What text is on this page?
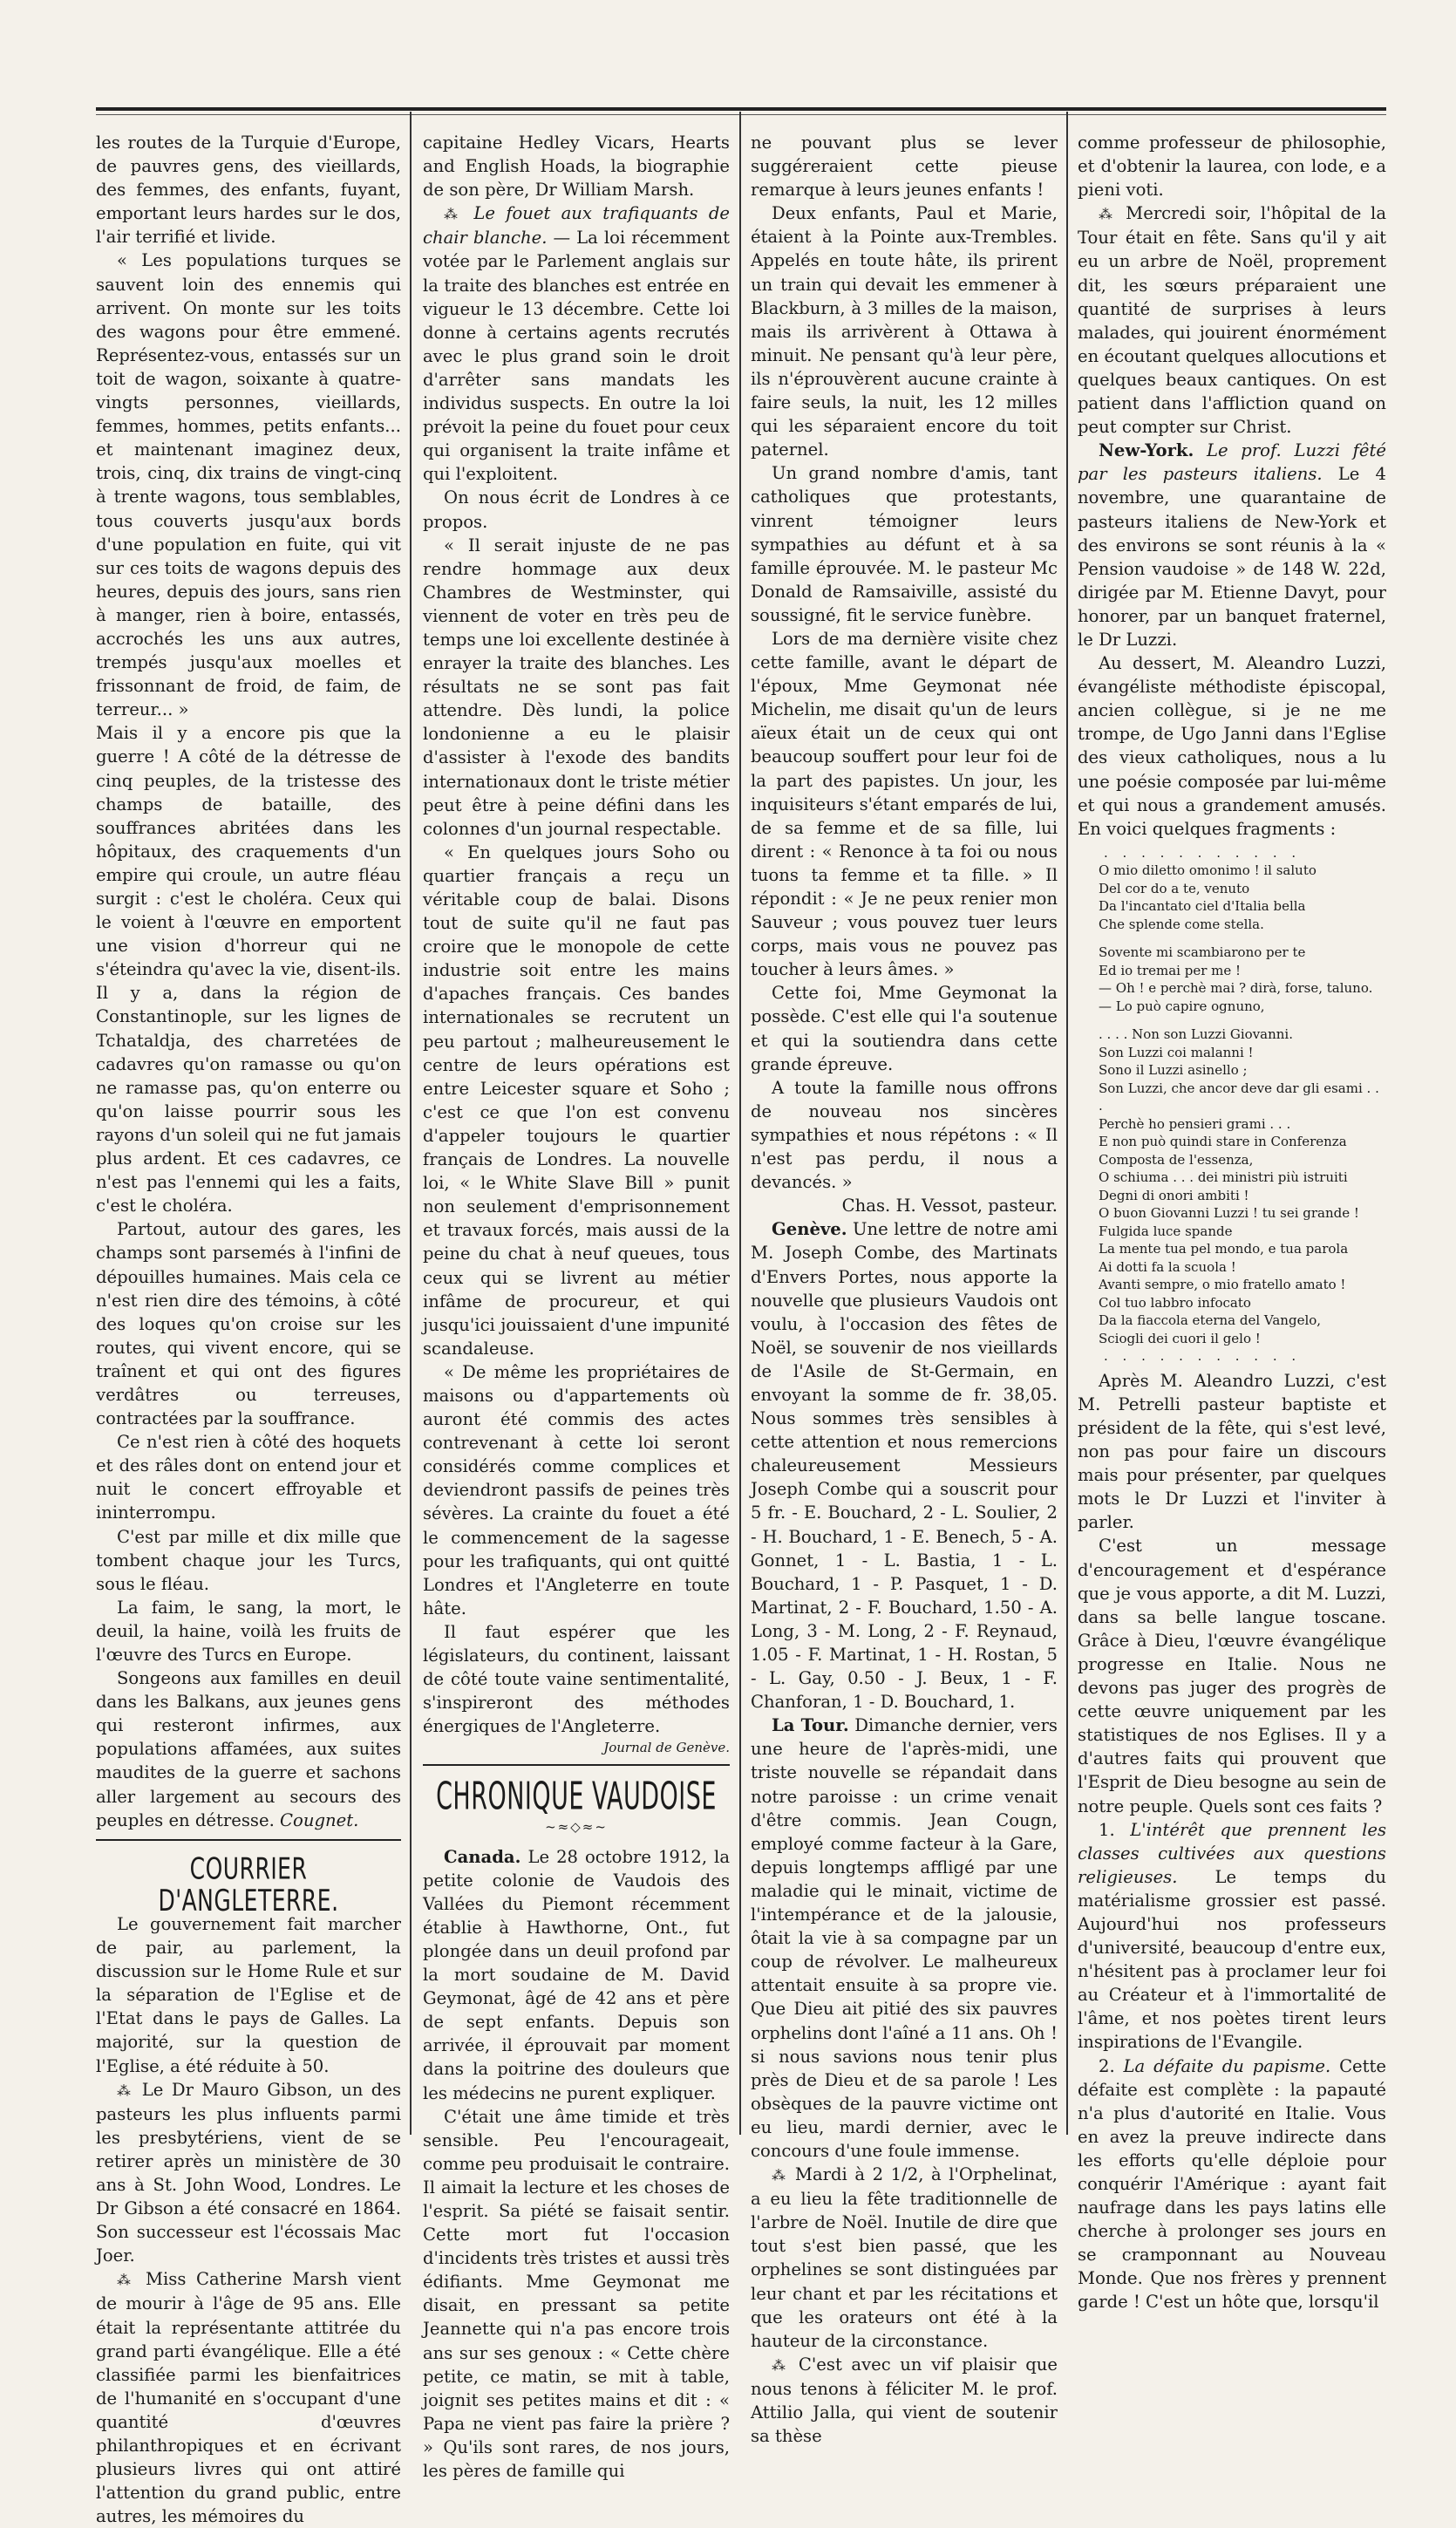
les routes de la Turquie d'Europe, de pauvres gens, des vieillards, des femmes, des enfants, fuyant, emportant leurs hardes sur le dos, l'air terrifié et livide.

« Les populations turques se sauvent loin des ennemis qui arrivent. On monte sur les toits des wagons pour être emmené. Représentez-vous, entassés sur un toit de wagon, soixante à quatre-vingts personnes, vieillards, femmes, hommes, petits enfants... et maintenant imaginez deux, trois, cinq, dix trains de vingt-cinq à trente wagons, tous semblables, tous couverts jusqu'aux bords d'une population en fuite, qui vit sur ces toits de wagons depuis des heures, depuis des jours, sans rien à manger, rien à boire, entassés, accrochés les uns aux autres, trempés jusqu'aux moelles et frissonnant de froid, de faim, de terreur... »

Mais il y a encore pis que la guerre ! A côté de la détresse de cinq peuples, de la tristesse des champs de bataille, des souffrances abritées dans les hôpitaux, des craquements d'un empire qui croule, un autre fléau surgit : c'est le choléra. Ceux qui le voient à l'œuvre en emportent une vision d'horreur qui ne s'éteindra qu'avec la vie, disent-ils. Il y a, dans la région de Constantinople, sur les lignes de Tchataldja, des charretées de cadavres qu'on ramasse ou qu'on ne ramasse pas, qu'on enterre ou qu'on laisse pourrir sous les rayons d'un soleil qui ne fut jamais plus ardent. Et ces cadavres, ce n'est pas l'ennemi qui les a faits, c'est le choléra.

Partout, autour des gares, les champs sont parsemés à l'infini de dépouilles humaines. Mais cela ce n'est rien dire des témoins, à côté des loques qu'on croise sur les routes, qui vivent encore, qui se traînent et qui ont des figures verdâtres ou terreuses, contractées par la souffrance.

Ce n'est rien à côté des hoquets et des râles dont on entend jour et nuit le concert effroyable et ininterrompu.

C'est par mille et dix mille que tombent chaque jour les Turcs, sous le fléau.

La faim, le sang, la mort, le deuil, la haine, voilà les fruits de l'œuvre des Turcs en Europe.

Songeons aux familles en deuil dans les Balkans, aux jeunes gens qui resteront infirmes, aux populations affamées, aux suites maudites de la guerre et sachons aller largement au secours des peuples en détresse. Cougnet.

COURRIER D'ANGLETERRE.

Le gouvernement fait marcher de pair, au parlement, la discussion sur le Home Rule et sur la séparation de l'Eglise et de l'Etat dans le pays de Galles. La majorité, sur la question de l'Eglise, a été réduite à 50.

⁂ Le Dr Mauro Gibson, un des pasteurs les plus influents parmi les presbytériens, vient de se retirer après un ministère de 30 ans à St. John Wood, Londres. Le Dr Gibson a été consacré en 1864. Son successeur est l'écossais Mac Joer.

⁂ Miss Catherine Marsh vient de mourir à l'âge de 95 ans. Elle était la représentante attitrée du grand parti évangélique. Elle a été classifiée parmi les bienfaitrices de l'humanité en s'occupant d'une quantité d'œuvres philanthropiques et en écrivant plusieurs livres qui ont attiré l'attention du grand public, entre autres, les mémoires du

capitaine Hedley Vicars, Hearts and English Hoads, la biographie de son père, Dr William Marsh.

⁂ Le fouet aux trafiquants de chair blanche. — La loi récemment votée par le Parlement anglais sur la traite des blanches est entrée en vigueur le 13 décembre. Cette loi donne à certains agents recrutés avec le plus grand soin le droit d'arrêter sans mandats les individus suspects. En outre la loi prévoit la peine du fouet pour ceux qui organisent la traite infâme et qui l'exploitent.

On nous écrit de Londres à ce propos.

« Il serait injuste de ne pas rendre hommage aux deux Chambres de Westminster, qui viennent de voter en très peu de temps une loi excellente destinée à enrayer la traite des blanches. Les résultats ne se sont pas fait attendre. Dès lundi, la police londonienne a eu le plaisir d'assister à l'exode des bandits internationaux dont le triste métier peut être à peine défini dans les colonnes d'un journal respectable.

« En quelques jours Soho ou quartier français a reçu un véritable coup de balai. Disons tout de suite qu'il ne faut pas croire que le monopole de cette industrie soit entre les mains d'apaches français. Ces bandes internationales se recrutent un peu partout ; malheureusement le centre de leurs opérations est entre Leicester square et Soho ; c'est ce que l'on est convenu d'appeler toujours le quartier français de Londres. La nouvelle loi, « le White Slave Bill » punit non seulement d'emprisonnement et travaux forcés, mais aussi de la peine du chat à neuf queues, tous ceux qui se livrent au métier infâme de procureur, et qui jusqu'ici jouissaient d'une impunité scandaleuse.

« De même les propriétaires de maisons ou d'appartements où auront été commis des actes contrevenant à cette loi seront considérés comme complices et deviendront passifs de peines très sévères. La crainte du fouet a été le commencement de la sagesse pour les trafiquants, qui ont quitté Londres et l'Angleterre en toute hâte.

Il faut espérer que les législateurs, du continent, laissant de côté toute vaine sentimentalité, s'inspireront des méthodes énergiques de l'Angleterre.

Journal de Genève.
CHRONIQUE VAUDOISE
~≈◇≈~

Canada. Le 28 octobre 1912, la petite colonie de Vaudois des Vallées du Piemont récemment établie à Hawthorne, Ont., fut plongée dans un deuil profond par la mort soudaine de M. David Geymonat, âgé de 42 ans et père de sept enfants. Depuis son arrivée, il éprouvait par moment dans la poitrine des douleurs que les médecins ne purent expliquer.

C'était une âme timide et très sensible. Peu l'encourageait, comme peu produisait le contraire. Il aimait la lecture et les choses de l'esprit. Sa piété se faisait sentir. Cette mort fut l'occasion d'incidents très tristes et aussi très édifiants. Mme Geymonat me disait, en pressant sa petite Jeannette qui n'a pas encore trois ans sur ses genoux : « Cette chère petite, ce matin, se mit à table, joignit ses petites mains et dit : « Papa ne vient pas faire la prière ? » Qu'ils sont rares, de nos jours, les pères de famille qui

ne pouvant plus se lever suggéreraient cette pieuse remarque à leurs jeunes enfants !

Deux enfants, Paul et Marie, étaient à la Pointe aux-Trembles. Appelés en toute hâte, ils prirent un train qui devait les emmener à Blackburn, à 3 milles de la maison, mais ils arrivèrent à Ottawa à minuit. Ne pensant qu'à leur père, ils n'éprouvèrent aucune crainte à faire seuls, la nuit, les 12 milles qui les séparaient encore du toit paternel.

Un grand nombre d'amis, tant catholiques que protestants, vinrent témoigner leurs sympathies au défunt et à sa famille éprouvée. M. le pasteur Mc Donald de Ramsaiville, assisté du soussigné, fit le service funèbre.

Lors de ma dernière visite chez cette famille, avant le départ de l'époux, Mme Geymonat née Michelin, me disait qu'un de leurs aïeux était un de ceux qui ont beaucoup souffert pour leur foi de la part des papistes. Un jour, les inquisiteurs s'étant emparés de lui, de sa femme et de sa fille, lui dirent : « Renonce à ta foi ou nous tuons ta femme et ta fille. » Il répondit : « Je ne peux renier mon Sauveur ; vous pouvez tuer leurs corps, mais vous ne pouvez pas toucher à leurs âmes. »

Cette foi, Mme Geymonat la possède. C'est elle qui l'a soutenue et qui la soutiendra dans cette grande épreuve.

A toute la famille nous offrons de nouveau nos sincères sympathies et nous répétons : « Il n'est pas perdu, il nous a devancés. »

Chas. H. Vessot, pasteur.

Genève. Une lettre de notre ami M. Joseph Combe, des Martinats d'Envers Portes, nous apporte la nouvelle que plusieurs Vaudois ont voulu, à l'occasion des fêtes de Noël, se souvenir de nos vieillards de l'Asile de St-Germain, en envoyant la somme de fr. 38,05. Nous sommes très sensibles à cette attention et nous remercions chaleureusement Messieurs Joseph Combe qui a souscrit pour 5 fr. - E. Bouchard, 2 - L. Soulier, 2 - H. Bouchard, 1 - E. Benech, 5 - A. Gonnet, 1 - L. Bastia, 1 - L. Bouchard, 1 - P. Pasquet, 1 - D. Martinat, 2 - F. Bouchard, 1.50 - A. Long, 3 - M. Long, 2 - F. Reynaud, 1.05 - F. Martinat, 1 - H. Rostan, 5 - L. Gay, 0.50 - J. Beux, 1 - F. Chanforan, 1 - D. Bouchard, 1.

La Tour. Dimanche dernier, vers une heure de l'après-midi, une triste nouvelle se répandait dans notre paroisse : un crime venait d'être commis. Jean Cougn, employé comme facteur à la Gare, depuis longtemps affligé par une maladie qui le minait, victime de l'intempérance et de la jalousie, ôtait la vie à sa compagne par un coup de révolver. Le malheureux attentait ensuite à sa propre vie. Que Dieu ait pitié des six pauvres orphelins dont l'aîné a 11 ans. Oh ! si nous savions nous tenir plus près de Dieu et de sa parole ! Les obsèques de la pauvre victime ont eu lieu, mardi dernier, avec le concours d'une foule immense.

⁂ Mardi à 2 1/2, à l'Orphelinat, a eu lieu la fête traditionnelle de l'arbre de Noël. Inutile de dire que tout s'est bien passé, que les orphelines se sont distinguées par leur chant et par les récitations et que les orateurs ont été à la hauteur de la circonstance.

⁂ C'est avec un vif plaisir que nous tenons à féliciter M. le prof. Attilio Jalla, qui vient de soutenir sa thèse

comme professeur de philosophie, et d'obtenir la laurea, con lode, e a pieni voti.

⁂ Mercredi soir, l'hôpital de la Tour était en fête. Sans qu'il y ait eu un arbre de Noël, proprement dit, les sœurs préparaient une quantité de surprises à leurs malades, qui jouirent énormément en écoutant quelques allocutions et quelques beaux cantiques. On est patient dans l'affliction quand on peut compter sur Christ.

New-York. Le prof. Luzzi fêté par les pasteurs italiens. Le 4 novembre, une quarantaine de pasteurs italiens de New-York et des environs se sont réunis à la « Pension vaudoise » de 148 W. 22d, dirigée par M. Etienne Davyt, pour honorer, par un banquet fraternel, le Dr Luzzi.

Au dessert, M. Aleandro Luzzi, évangéliste méthodiste épiscopal, ancien collègue, si je ne me trompe, de Ugo Janni dans l'Eglise des vieux catholiques, nous a lu une poésie composée par lui-même et qui nous a grandement amusés. En voici quelques fragments :

. . . . . . . . . . .
O mio diletto omonimo ! il saluto
Del cor do a te, venuto
Da l'incantato ciel d'Italia bella
Che splende come stella.
Sovente mi scambiarono per te
Ed io tremai per me !
— Oh ! e perchè mai ? dirà, forse, taluno.
— Lo può capire ognuno,
. . . . Non son Luzzi Giovanni.
Son Luzzi coi malanni !
Sono il Luzzi asinello ;
Son Luzzi, che ancor deve dar gli esami . . .
Perchè ho pensieri grami . . .
E non può quindi stare in Conferenza
Composta de l'essenza,
O schiuma . . . dei ministri più istruiti
Degni di onori ambiti !
O buon Giovanni Luzzi ! tu sei grande !
Fulgida luce spande
La mente tua pel mondo, e tua parola
Ai dotti fa la scuola !
Avanti sempre, o mio fratello amato !
Col tuo labbro infocato
Da la fiaccola eterna del Vangelo,
Sciogli dei cuori il gelo !
. . . . . . . . . . .

Après M. Aleandro Luzzi, c'est M. Petrelli pasteur baptiste et président de la fête, qui s'est levé, non pas pour faire un discours mais pour présenter, par quelques mots le Dr Luzzi et l'inviter à parler.

C'est un message d'encouragement et d'espérance que je vous apporte, a dit M. Luzzi, dans sa belle langue toscane. Grâce à Dieu, l'œuvre évangélique progresse en Italie. Nous ne devons pas juger des progrès de cette œuvre uniquement par les statistiques de nos Eglises. Il y a d'autres faits qui prouvent que l'Esprit de Dieu besogne au sein de notre peuple. Quels sont ces faits ?

1. L'intérêt que prennent les classes cultivées aux questions religieuses. Le temps du matérialisme grossier est passé. Aujourd'hui nos professeurs d'université, beaucoup d'entre eux, n'hésitent pas à proclamer leur foi au Créateur et à l'immortalité de l'âme, et nos poètes tirent leurs inspirations de l'Evangile.

2. La défaite du papisme. Cette défaite est complète : la papauté n'a plus d'autorité en Italie. Vous en avez la preuve indirecte dans les efforts qu'elle déploie pour conquérir l'Amérique : ayant fait naufrage dans les pays latins elle cherche à prolonger ses jours en se cramponnant au Nouveau Monde. Que nos frères y prennent garde ! C'est un hôte que, lorsqu'il
